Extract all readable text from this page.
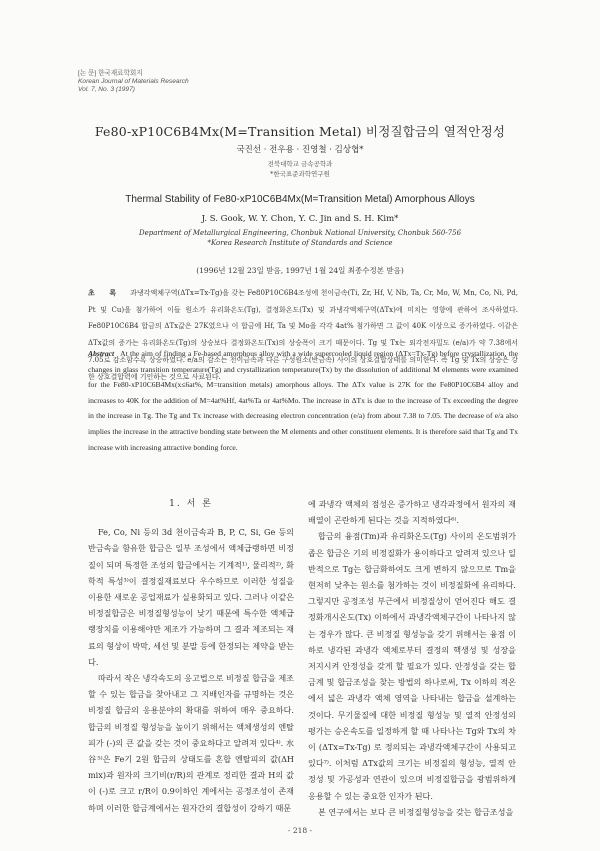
[논 문] 한국재료학회지
Korean Journal of Materials Research
Vol. 7, No. 3 (1997)
Fe80-xP10C6B4Mx(M=Transition Metal) 비정질합금의 열적안정성
국진선 · 전우용 · 진영철 · 김상협*
전북대학교 금속공학과
*한국표준과학연구원
Thermal Stability of Fe80-xP10C6B4Mx(M=Transition Metal) Amorphous Alloys
J. S. Gook, W. Y. Chon, Y. C. Jin and S. H. Kim*
Department of Metallurgical Engineering, Chonbuk National University, Chonbuk 560-756
*Korea Research Institute of Standards and Science
(1996년 12월 23일 받음, 1997년 1월 24일 최종수정본 받음)
초 록 과냉각액체구역(ΔTx=Tx-Tg)을 갖는 Fe80P10C6B4조성에 천이금속(Ti, Zr, Hf, V, Nb, Ta, Cr, Mo, W, Mn, Co, Ni, Pd, Pt 및 Cu)을 첨가하여 이들 원소가 유리화온도(Tg), 결정화온도(Tx) 및 과냉각액체구역(ΔTx)에 미치는 영향에 관하여 조사하였다. Fe80P10C6B4 합금의 ΔTx값은 27K였으나 이 합금에 Hf, Ta 및 Mo을 각각 4at% 첨가하면 그 값이 40K 이상으로 증가하였다. 이같은 ΔTx값의 증가는 유리화온도(Tg)의 상승보다 결정화온도(Tx)의 상승폭이 크기 때문이다. Tg 및 Tx는 외각전자밀도 (e/a)가 약 7.38에서 7.05로 감소함수록 상승하였다. e/a의 감소는 천이금속과 다른 구성원소(반금속) 사이의 상호결합상태를 의미한다. 즉 Tg 및 Tx의 상승은 강한 상호결합력에 기인하는 것으로 사료된다.
Abstract At the aim of finding a Fe-based amorphous alloy with a wide supercooled liquid region (ΔTx=Tx-Tg) before crystallization, the changes in glass transition temperature(Tg) and crystallization temperature(Tx) by the dissolution of additional M elements were examined for the Fe80-xP10C6B4Mx(x≤6at%, M=transition metals) amorphous alloys. The ΔTx value is 27K for the Fe80P10C6B4 alloy and increases to 40K for the addition of M=4at%Hf, 4at%Ta or 4at%Mo. The increase in ΔTx is due to the increase of Tx exceeding the degree in the increase in Tg. The Tg and Tx increase with decreasing electron concentration (e/a) from about 7.38 to 7.05. The decrease of e/a also implies the increase in the attractive bonding state between the M elements and other constituent elements. It is therefore said that Tg and Tx increase with increasing attractive bonding force.
1. 서 론

Fe, Co, Ni 등의 3d 천이금속과 B, P, C, Si, Ge 등의 반금속을 함유한 합금은 일부 조성에서 액체급랭하면 비정질이 되며 특정한 조성의 합금에서는 기계적¹⁾, 물리적²⁾, 화학적 특성³⁾이 결정질재료보다 우수하므로 이러한 성질을 이용한 새로운 공업재료가 실용화되고 있다. 그러나 이같은 비정질합금은 비정질형성능이 낮기 때문에 특수한 액체급랭장치를 이용해야만 제조가 가능하며 그 결과 제조되는 재료의 형상이 박막, 세선 및 분말 등에 한정되는 제약을 받는다.

따라서 작은 냉각속도의 응고법으로 비정질 합금을 제조할 수 있는 합금을 찾아내고 그 지배인자를 규명하는 것은 비정질 합금의 응용분야의 확대를 위하여 매우 중요하다. 합금의 비정질 형성능을 높이기 위해서는 액체생성의 엔탈피가 (-)의 큰 값을 갖는 것이 중요하다고 알려져 있다⁴⁾. 水谷⁵⁾은 Fe기 2원 합금의 상태도를 혼합 엔탈피의 값(ΔH mix)과 원자의 크기비(r/R)의 관계로 정리한 결과 H의 값이 (-)로 크고 r/R이 0.9이하인 계에서는 공정조성이 존재하며 이러한 합금계에서는 원자간의 결합성이 강하기 때문

에 과냉각 액체의 점성은 증가하고 냉각과정에서 원자의 재배열이 곤란하게 된다는 것을 지적하였다⁶⁾.

합금의 융점(Tm)과 유리화온도(Tg) 사이의 온도범위가 좁은 합금은 기의 비정질화가 용이하다고 알려져 있으나 일반적으로 Tg는 합금화하여도 크게 변하지 않으므로 Tm을 현저히 낮추는 원소를 첨가하는 것이 비정질화에 유리하다. 그렇지만 공정조성 부근에서 비정질상이 얻어진다 해도 결정화개시온도(Tx) 이하에서 과냉각액체구간이 나타나지 않는 경우가 많다. 큰 비정질 형성능을 갖기 위해서는 융점 이하로 냉각된 과냉각 액체로부터 결정의 핵생성 및 성장을 저지시켜 안정성을 갖게 할 필요가 있다. 안정성을 갖는 합금계 및 합금조성을 찾는 방법의 하나로써, Tx 이하의 적온에서 넓은 과냉각 액체 영역을 나타내는 합금을 설계하는 것이다. 무기물질에 대한 비정질 형성능 및 열적 안정성의 평가는 승온속도를 일정하게 할 때 나타나는 Tg와 Tx의 차이 (ΔTx=Tx-Tg) 로 정의되는 과냉각액체구간이 사용되고 있다⁷⁾. 이처럼 ΔTx값의 크기는 비정질의 형성능, 열적 안정성 및 가공성과 연관이 있으며 비정질합금을 광범위하게 응용할 수 있는 중요한 인자가 된다.

본 연구에서는 보다 큰 비정질형성능을 갖는 합금조성을

- 218 -
